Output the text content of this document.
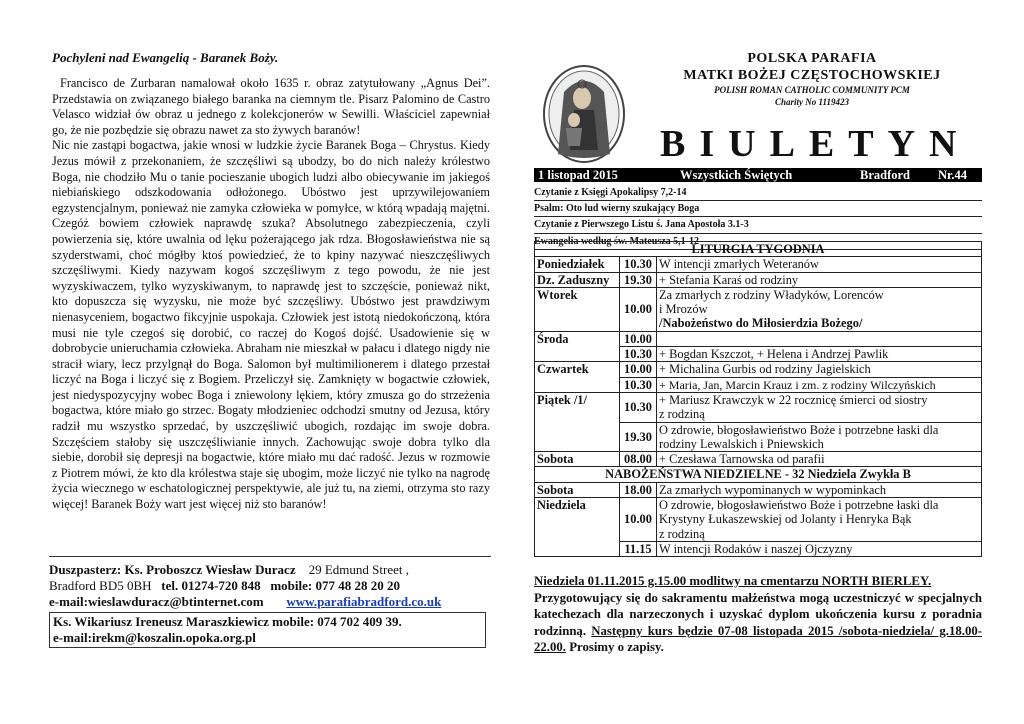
Pochyleni nad Ewangelią - Baranek Boży.

Francisco de Zurbaran namalował około 1635 r. obraz zatytułowany „Agnus Dei”. Przedstawia on związanego białego baranka na ciemnym tle. Pisarz Palomino de Castro Velasco widział ów obraz u jednego z kolekcjonerów w Sewilli. Właściciel zapewniał go, że nie pozbędzie się obrazu nawet za sto żywych baranów!

Nic nie zastąpi bogactwa, jakie wnosi w ludzkie życie Baranek Boga – Chrystus. Kiedy Jezus mówił z przekonaniem, że szczęśliwi są ubodzy, bo do nich należy królestwo Boga, nie chodziło Mu o tanie pocieszanie ubogich ludzi albo obiecywanie im jakiegoś niebiańskiego odszkodowania odłożonego. Ubóstwo jest uprzywilejowaniem egzystencjalnym, ponieważ nie zamyka człowieka w pomyłce, w którą wpadają majętni. Czegóż bowiem człowiek naprawdę szuka? Absolutnego zabezpieczenia, czyli powierzenia się, które uwalnia od lęku pożerającego jak rdza. Błogosławieństwa nie są szyderstwami, choć mógłby ktoś powiedzieć, że to kpiny nazywać nieszczęśliwych szczęśliwymi. Kiedy nazywam kogoś szczęśliwym z tego powodu, że nie jest wyzyskiwaczem, tylko wyzyskiwanym, to naprawdę jest to szczęście, ponieważ nikt, kto dopuszcza się wyzysku, nie może być szczęśliwy. Ubóstwo jest prawdziwym nienasyceniem, bogactwo fikcyjnie uspokaja. Człowiek jest istotą niedokończoną, która musi nie tyle czegoś się dorobić, co raczej do Kogoś dojść. Usadowienie się w dobrobycie unieruchamia człowieka. Abraham nie mieszkał w pałacu i dlatego nigdy nie stracił wiary, lecz przylgnął do Boga. Salomon był multimilionerem i dlatego przestał liczyć na Boga i liczyć się z Bogiem. Przeliczył się. Zamknięty w bogactwie człowiek, jest niedyspozycyjny wobec Boga i zniewolony lękiem, który zmusza go do strzeżenia bogactwa, które miało go strzec. Bogaty młodzieniec odchodzi smutny od Jezusa, który radził mu wszystko sprzedać, by uszczęśliwić ubogich, rozdając im swoje dobra. Szczęściem stałoby się uszczęśliwianie innych. Zachowując swoje dobra tylko dla siebie, dorobił się depresji na bogactwie, które miało mu dać radość. Jezus w rozmowie z Piotrem mówi, że kto dla królestwa staje się ubogim, może liczyć nie tylko na nagrodę życia wiecznego w eschatologicznej perspektywie, ale już tu, na ziemi, otrzyma sto razy więcej! Baranek Boży wart jest więcej niż sto baranów!

Duszpasterz: Ks. Proboszcz Wiesław Duracz 29 Edmund Street ,
Bradford BD5 0BH tel. 01274-720 848 mobile: 077 48 28 20 20
e-mail:wieslawduracz@btinternet.com www.parafiabradford.co.uk
Ks. Wikariusz Ireneusz Maraszkiewicz mobile: 074 702 409 39.
e-mail:irekm@koszalin.opoka.org.pl
POLSKA PARAFIA
MATKI BOŻEJ CZĘSTOCHOWSKIEJ
POLISH ROMAN CATHOLIC COMMUNITY PCM
Charity No 1119423
BIULETYN
1 listopad 2015	Wszystkich Świętych	Bradford Nr.44
Czytanie z Księgi Apokalipsy 7,2-14
Psalm: Oto lud wierny szukający Boga
Czytanie z Pierwszego Listu ś. Jana Apostoła 3.1-3
Ewangelia według św. Mateusza 5,1-12
LITURGIA TYGODNIA		
Poniedziałek	10.30	W intencji zmarłych Weteranów
Dz. Zaduszny	19.30	+ Stefania Karaś od rodziny
Wtorek	10.00	Za zmarłych z rodziny Władyków, Lorenców
i Mrozów
/Nabożeństwo do Miłosierdzia Bożego/

Środa	10.00	
	10.30	+ Bogdan Kszczot, + Helena i Andrzej Pawlik
Czwartek	10.00	+ Michalina Gurbis od rodziny Jagielskich
	10.30	+ Maria, Jan, Marcin Krauz i zm. z rodziny Wilczyńskich
Piątek /1/	10.30	+ Mariusz Krawczyk w 22 rocznicę śmierci od siostry
z rodziną

	19.30	O zdrowie, błogosławieństwo Boże i potrzebne łaski dla
rodziny Lewalskich i Pniewskich

Sobota	08.00	+ Czesława Tarnowska od parafii
NABOŻEŃSTWA NIEDZIELNE - 32 Niedziela Zwykła B		
Sobota	18.00	Za zmarłych wypominanych w wypominkach
Niedziela	10.00	O zdrowie, błogosławieństwo Boże i potrzebne łaski dla
Krystyny Łukaszewskiej od Jolanty i Henryka Bąk
z rodziną

	11.15	W intencji Rodaków i naszej Ojczyzny
Niedziela 01.11.2015 g.15.00 modlitwy na cmentarzu NORTH BIERLEY.
Przygotowujący się do sakramentu małżeństwa mogą uczestniczyć w specjalnych katechezach dla narzeczonych i uzyskać dyplom ukończenia kursu z poradnia rodzinną. Następny kurs będzie 07-08 listopada 2015 /sobota-niedziela/ g.18.00-22.00. Prosimy o zapisy.
